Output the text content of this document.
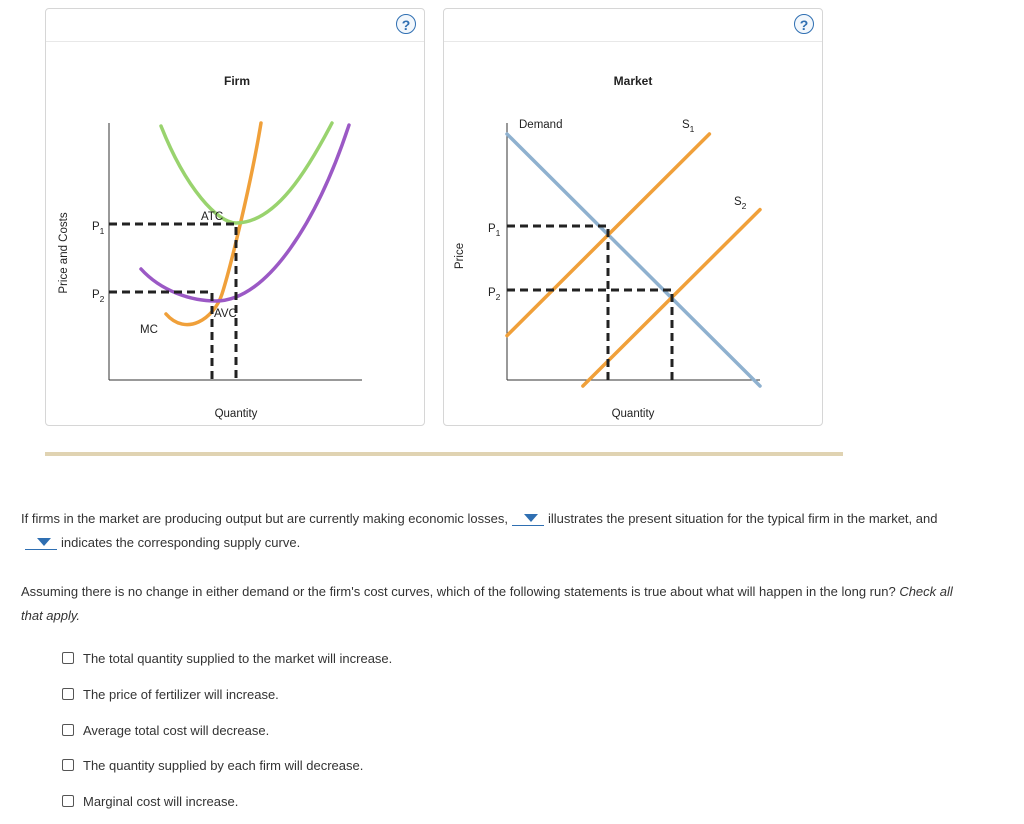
?
Firm
Price and Costs
Quantity
$P_1$
$P_2$
ATC
AVC
MC
?
Market
Price
Quantity
Demand	$S_1$
$S_2$
$P_1$
$P_2$
If firms in the market are producing output but are currently making economic losses,	illustrates the present situation for the typical firm in the market, and
indicates the corresponding supply curve.
Assuming there is no change in either demand or the firm's cost curves, which of the following statements is true about what will happen in the long run? Check all that apply.
The total quantity supplied to the market will increase.
The price of fertilizer will increase.
Average total cost will decrease.
The quantity supplied by each firm will decrease.
Marginal cost will increase.
